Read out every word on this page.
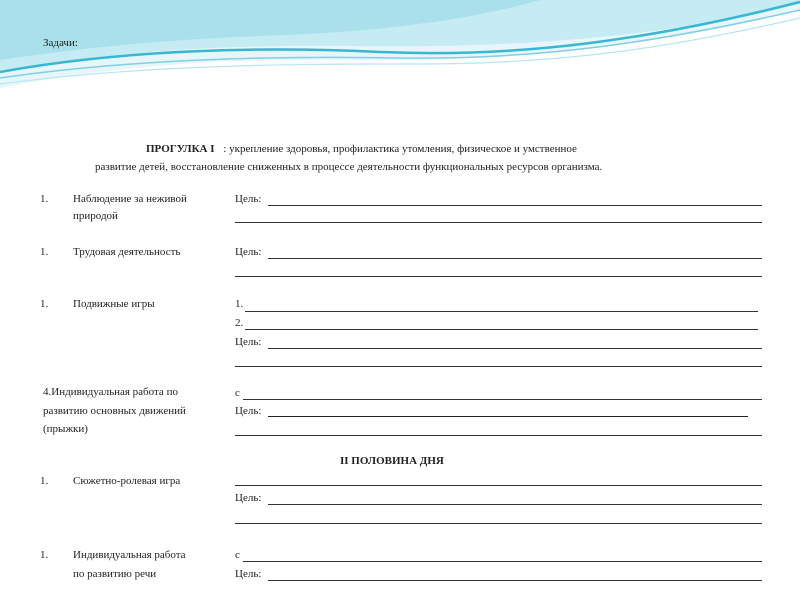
Задачи:
ПРОГУЛКА I : укрепление здоровья, профилактика утомления, физическое и умственное
развитие детей, восстановление сниженных в процессе деятельности функциональных ресурсов организма.
1. Наблюдение за неживой
природой
Цель:
1. Трудовая деятельность	Цель:
1. Подвижные игры	1.
2.
Цель:
4.Индивидуальная работа по
развитию основных движений
(прыжки)
с
Цель:
II ПОЛОВИНА ДНЯ
1. Сюжетно-ролевая игра
Цель:
1. Индивидуальная работа
по развитию речи
с
Цель:
